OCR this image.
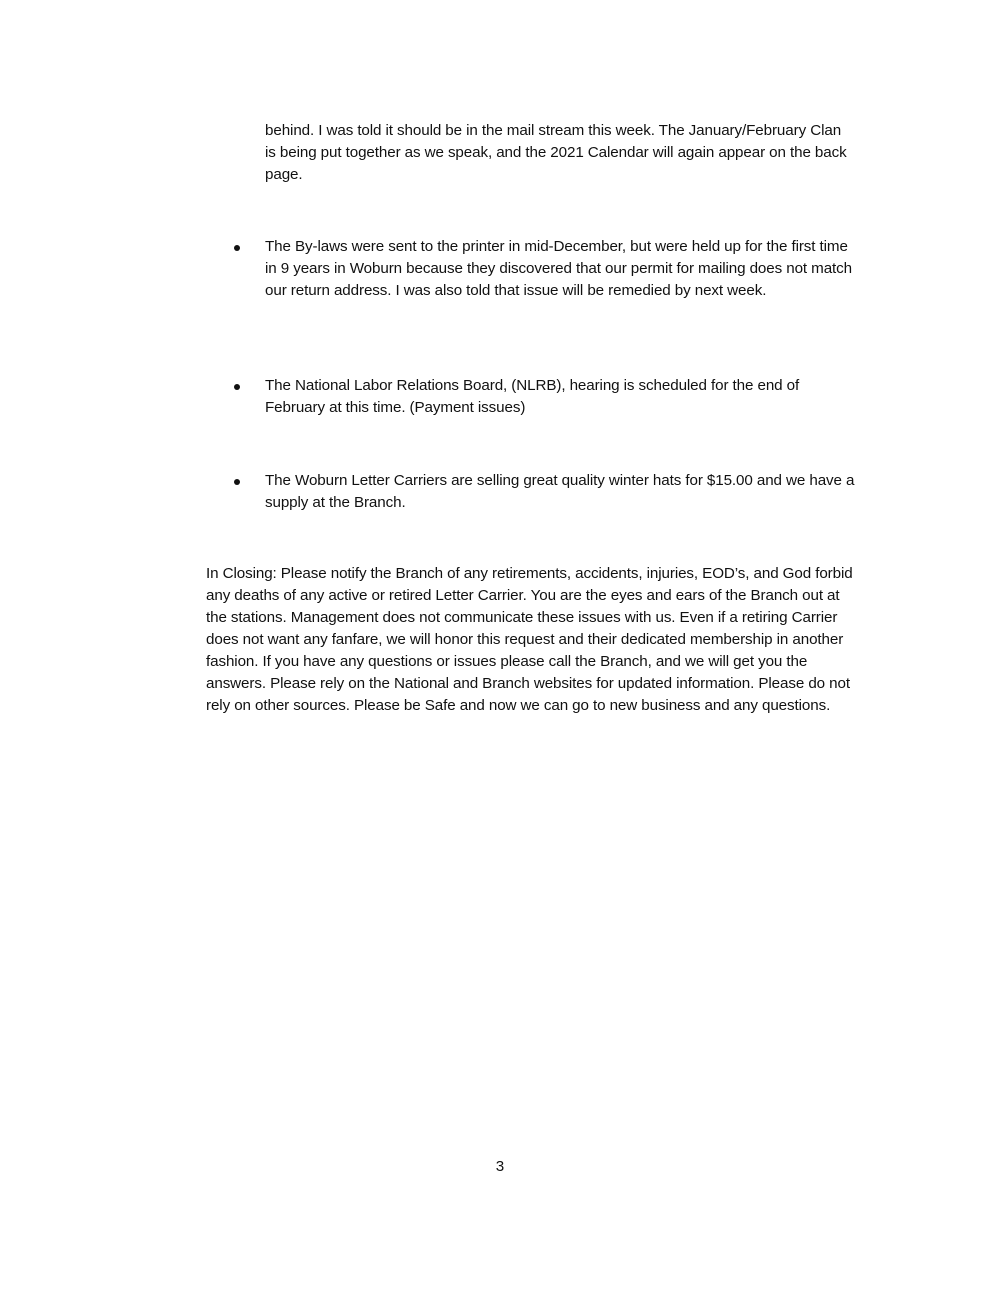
behind. I was told it should be in the mail stream this week. The January/February Clan is being put together as we speak, and the 2021 Calendar will again appear on the back page.

The By-laws were sent to the printer in mid-December, but were held up for the first time in 9 years in Woburn because they discovered that our permit for mailing does not match our return address. I was also told that issue will be remedied by next week.

The National Labor Relations Board, (NLRB), hearing is scheduled for the end of February at this time. (Payment issues)

The Woburn Letter Carriers are selling great quality winter hats for $15.00 and we have a supply at the Branch.

In Closing: Please notify the Branch of any retirements, accidents, injuries, EOD’s, and God forbid any deaths of any active or retired Letter Carrier. You are the eyes and ears of the Branch out at the stations. Management does not communicate these issues with us. Even if a retiring Carrier does not want any fanfare, we will honor this request and their dedicated membership in another fashion. If you have any questions or issues please call the Branch, and we will get you the answers. Please rely on the National and Branch websites for updated information. Please do not rely on other sources. Please be Safe and now we can go to new business and any questions.

3
